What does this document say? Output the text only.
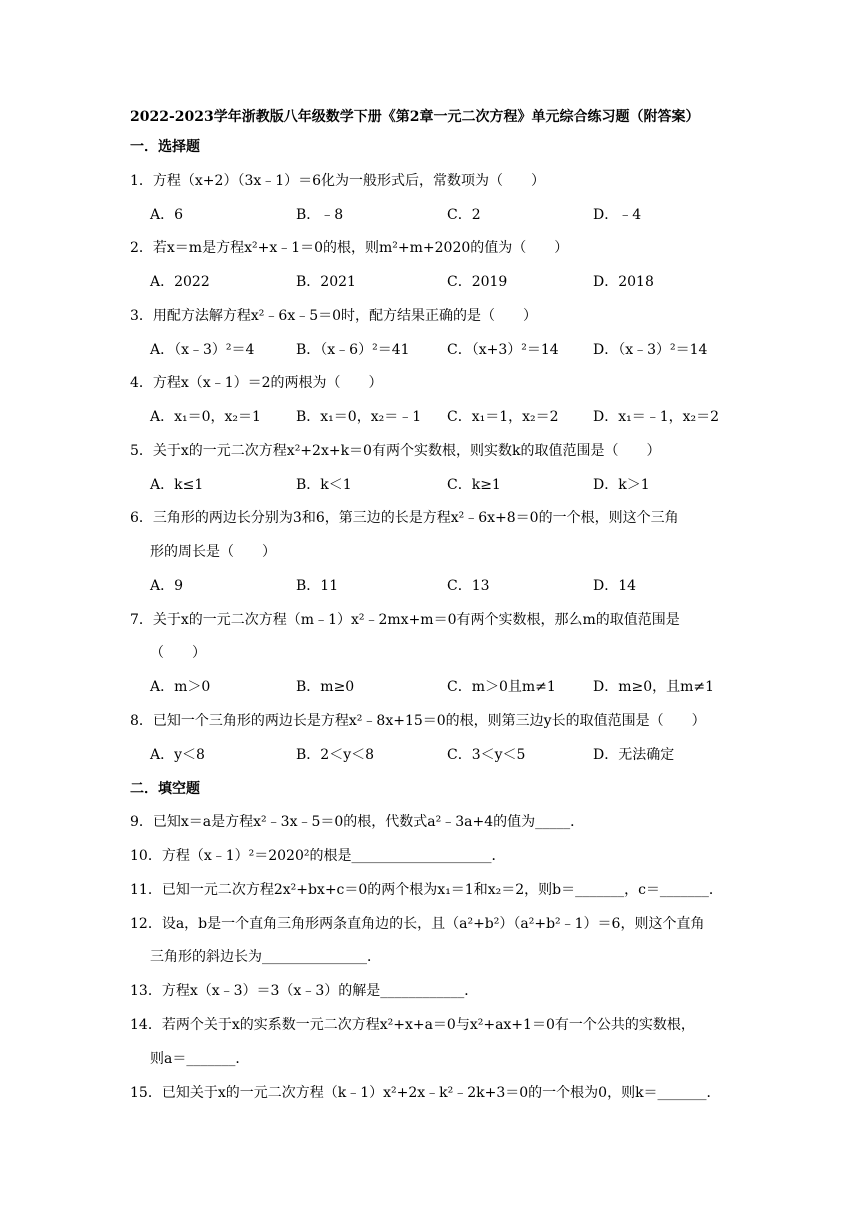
2022-2023学年浙教版八年级数学下册《第2章一元二次方程》单元综合练习题（附答案）
一．选择题
1．方程（x+2）（3x﹣1）＝6化为一般形式后，常数项为（　　）
A．6	B．﹣8	C．2	D．﹣4
2．若x＝m是方程x²+x﹣1＝0的根，则m²+m+2020的值为（　　）
A．2022	B．2021	C．2019	D．2018
3．用配方法解方程x²﹣6x﹣5＝0时，配方结果正确的是（　　）
A．（x﹣3）²＝4	B．（x﹣6）²＝41	C．（x+3）²＝14 D．（x﹣3）²＝14
4．方程x（x﹣1）＝2的两根为（　　）
A．x₁＝0，x₂＝1	B．x₁＝0，x₂＝﹣1 C．x₁＝1，x₂＝2 D．x₁＝﹣1，x₂＝2
5．关于x的一元二次方程x²+2x+k＝0有两个实数根，则实数k的取值范围是（　　）
A．k≤1	B．k＜1	C．k≥1	D．k＞1
6．三角形的两边长分别为3和6，第三边的长是方程x²﹣6x+8＝0的一个根，则这个三角
形的周长是（　　）
A．9	B．11	C．13	D．14
7．关于x的一元二次方程（m﹣1）x²﹣2mx+m＝0有两个实数根，那么m的取值范围是
（　　）
A．m＞0	B．m≥0	C．m＞0且m≠1	D．m≥0，且m≠1
8．已知一个三角形的两边长是方程x²﹣8x+15＝0的根，则第三边y长的取值范围是（　　）
A．y＜8	B．2＜y＜8	C．3＜y＜5	D．无法确定
二．填空题
9．已知x＝a是方程x²﹣3x﹣5＝0的根，代数式a²﹣3a+4的值为_____．
10．方程（x﹣1）²＝2020²的根是____________________．
11．已知一元二次方程2x²+bx+c＝0的两个根为x₁＝1和x₂＝2，则b＝_______，c＝_______．
12．设a，b是一个直角三角形两条直角边的长，且（a²+b²）（a²+b²﹣1）＝6，则这个直角
三角形的斜边长为_______________．
13．方程x（x﹣3）＝3（x﹣3）的解是____________．
14．若两个关于x的实系数一元二次方程x²+x+a＝0与x²+ax+1＝0有一个公共的实数根，
则a＝_______．
15．已知关于x的一元二次方程（k﹣1）x²+2x﹣k²﹣2k+3＝0的一个根为0，则k＝_______．
